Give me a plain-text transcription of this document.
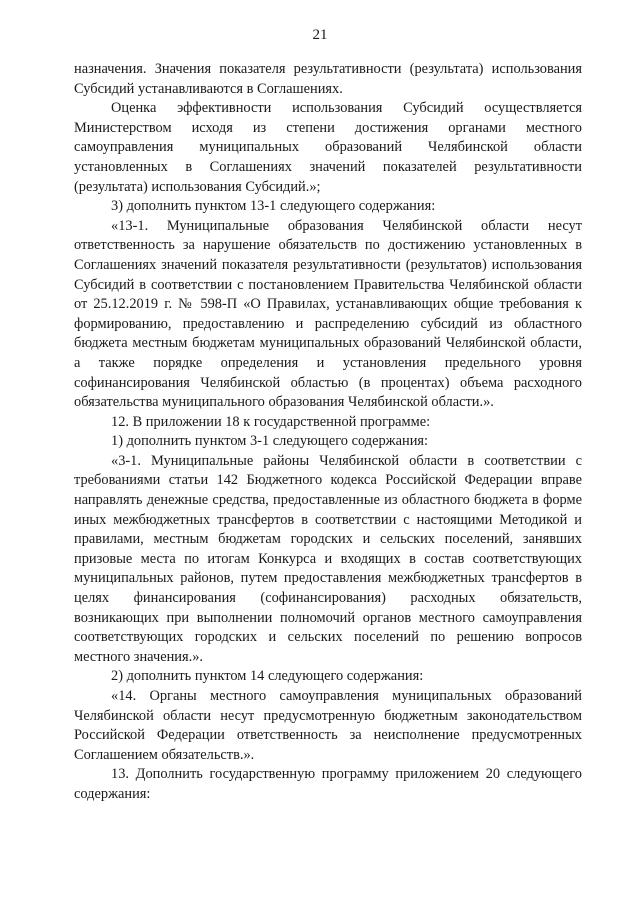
21

назначения. Значения показателя результативности (результата) использования Субсидий устанавливаются в Соглашениях.

Оценка эффективности использования Субсидий осуществляется Министерством исходя из степени достижения органами местного самоуправления муниципальных образований Челябинской области установленных в Соглашениях значений показателей результативности (результата) использования Субсидий.»;

3) дополнить пунктом 13-1 следующего содержания:

«13-1. Муниципальные образования Челябинской области несут ответственность за нарушение обязательств по достижению установленных в Соглашениях значений показателя результативности (результатов) использования Субсидий в соответствии с постановлением Правительства Челябинской области от 25.12.2019 г. № 598-П «О Правилах, устанавливающих общие требования к формированию, предоставлению и распределению субсидий из областного бюджета местным бюджетам муниципальных образований Челябинской области, а также порядке определения и установления предельного уровня софинансирования Челябинской областью (в процентах) объема расходного обязательства муниципального образования Челябинской области.».

12. В приложении 18 к государственной программе:

1) дополнить пунктом 3-1 следующего содержания:

«3-1. Муниципальные районы Челябинской области в соответствии с требованиями статьи 142 Бюджетного кодекса Российской Федерации вправе направлять денежные средства, предоставленные из областного бюджета в форме иных межбюджетных трансфертов в соответствии с настоящими Методикой и правилами, местным бюджетам городских и сельских поселений, занявших призовые места по итогам Конкурса и входящих в состав соответствующих муниципальных районов, путем предоставления межбюджетных трансфертов в целях финансирования (софинансирования) расходных обязательств, возникающих при выполнении полномочий органов местного самоуправления соответствующих городских и сельских поселений по решению вопросов местного значения.».

2) дополнить пунктом 14 следующего содержания:

«14. Органы местного самоуправления муниципальных образований Челябинской области несут предусмотренную бюджетным законодательством Российской Федерации ответственность за неисполнение предусмотренных Соглашением обязательств.».

13. Дополнить государственную программу приложением 20 следующего содержания:
